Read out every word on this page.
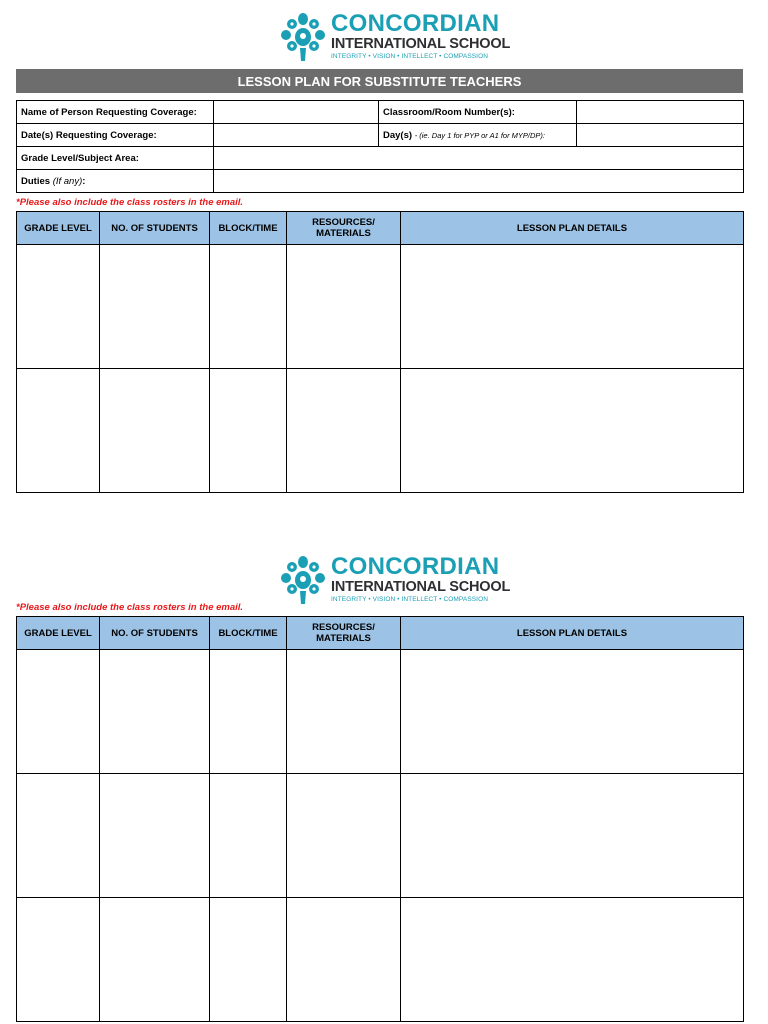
CONCORDIAN
INTERNATIONAL SCHOOL
INTEGRITY • VISION • INTELLECT • COMPASSION
LESSON PLAN FOR SUBSTITUTE TEACHERS
Name of Person Requesting Coverage:		Classroom/Room Number(s):	
Date(s) Requesting Coverage:		Day(s) - (ie. Day 1 for PYP or A1 for MYP/DP):	
Grade Level/Subject Area:			
Duties (If any):			
*Please also include the class rosters in the email.
GRADE LEVEL	NO. OF STUDENTS	BLOCK/TIME	RESOURCES/ MATERIALS	LESSON PLAN DETAILS

CONCORDIAN
INTERNATIONAL SCHOOL
INTEGRITY • VISION • INTELLECT • COMPASSION
*Please also include the class rosters in the email.
GRADE LEVEL	NO. OF STUDENTS	BLOCK/TIME	RESOURCES/ MATERIALS	LESSON PLAN DETAILS
